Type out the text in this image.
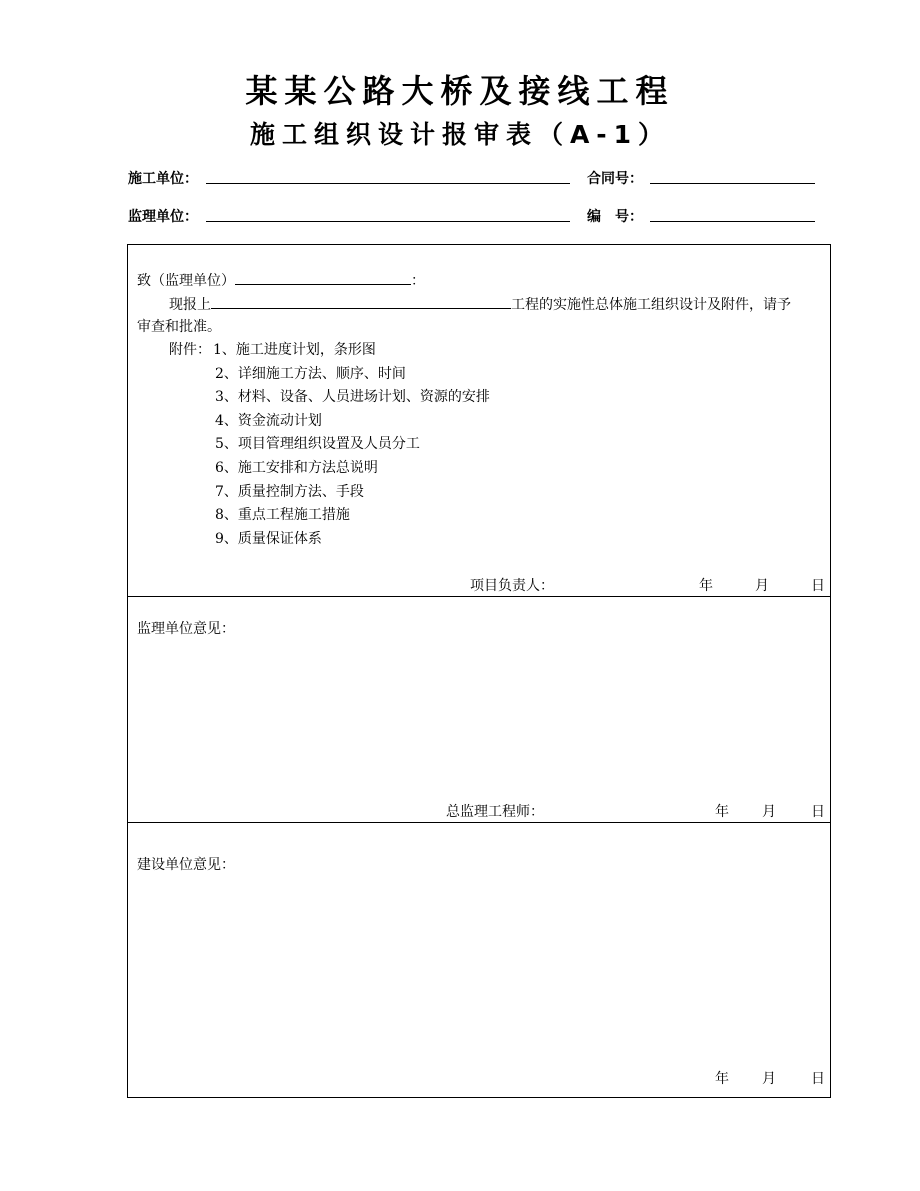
某某公路大桥及接线工程
施工组织设计报审表（A-1）
施工单位：	合同号：
监理单位：	编　号：
致（监理单位）	：
现报上	工程的实施性总体施工组织设计及附件，请予
审查和批准。
附件： 1、施工进度计划，条形图
2、详细施工方法、顺序、时间
3、材料、设备、人员进场计划、资源的安排
4、资金流动计划
5、项目管理组织设置及人员分工
6、施工安排和方法总说明
7、质量控制方法、手段
8、重点工程施工措施
9、质量保证体系
项目负责人：	年	月	日
监理单位意见：
总监理工程师：	年 月	日
建设单位意见：
年 月	日
